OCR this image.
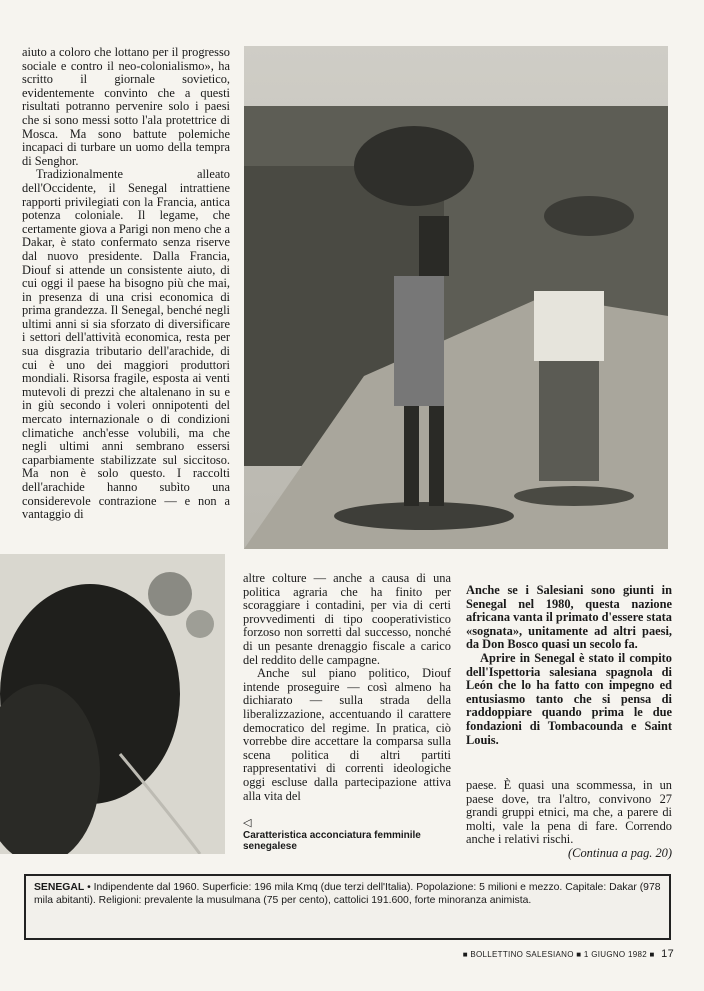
aiuto a coloro che lottano per il progresso sociale e contro il neo-colonialismo», ha scritto il giornale sovietico, evidentemente convinto che a questi risultati potranno pervenire solo i paesi che si sono messi sotto l'ala protettrice di Mosca. Ma sono battute polemiche incapaci di turbare un uomo della tempra di Senghor.

Tradizionalmente alleato dell'Occidente, il Senegal intrattiene rapporti privilegiati con la Francia, antica potenza coloniale. Il legame, che certamente giova a Parigi non meno che a Dakar, è stato confermato senza riserve dal nuovo presidente. Dalla Francia, Diouf si attende un consistente aiuto, di cui oggi il paese ha bisogno più che mai, in presenza di una crisi economica di prima grandezza. Il Senegal, benché negli ultimi anni si sia sforzato di diversificare i settori dell'attività economica, resta per sua disgrazia tributario dell'arachide, di cui è uno dei maggiori produttori mondiali. Risorsa fragile, esposta ai venti mutevoli di prezzi che altalenano in su e in giù secondo i voleri onnipotenti del mercato internazionale o di condizioni climatiche anch'esse volubili, ma che negli ultimi anni sembrano essersi caparbiamente stabilizzate sul siccitoso. Ma non è solo questo. I raccolti dell'arachide hanno subìto una considerevole contrazione — e non a vantaggio di

altre colture — anche a causa di una politica agraria che ha finito per scoraggiare i contadini, per via di certi provvedimenti di tipo cooperativistico forzoso non sorretti dal successo, nonché di un pesante drenaggio fiscale a carico del reddito delle campagne.

Anche sul piano politico, Diouf intende proseguire — così almeno ha dichiarato — sulla strada della liberalizzazione, accentuando il carattere democratico del regime. In pratica, ciò vorrebbe dire accettare la comparsa sulla scena politica di altri partiti rappresentativi di correnti ideologiche oggi escluse dalla partecipazione attiva alla vita del

◁
Caratteristica acconciatura femminile senegalese

Anche se i Salesiani sono giunti in Senegal nel 1980, questa nazione africana vanta il primato d'essere stata «sognata», unitamente ad altri paesi, da Don Bosco quasi un secolo fa.

Aprire in Senegal è stato il compito dell'Ispettoria salesiana spagnola di León che lo ha fatto con impegno ed entusiasmo tanto che si pensa di raddoppiare quando prima le due fondazioni di Tombacounda e Saint Louis.

paese. È quasi una scommessa, in un paese dove, tra l'altro, convivono 27 grandi gruppi etnici, ma che, a parere di molti, vale la pena di fare. Correndo anche i relativi rischi.

(Continua a pag. 20)

SENEGAL • Indipendente dal 1960. Superficie: 196 mila Kmq (due terzi dell'Italia). Popolazione: 5 milioni e mezzo. Capitale: Dakar (978 mila abitanti). Religioni: prevalente la musulmana (75 per cento), cattolici 191.600, forte minoranza animista.
■ BOLLETTINO SALESIANO ■ 1 GIUGNO 1982 ■ 17
